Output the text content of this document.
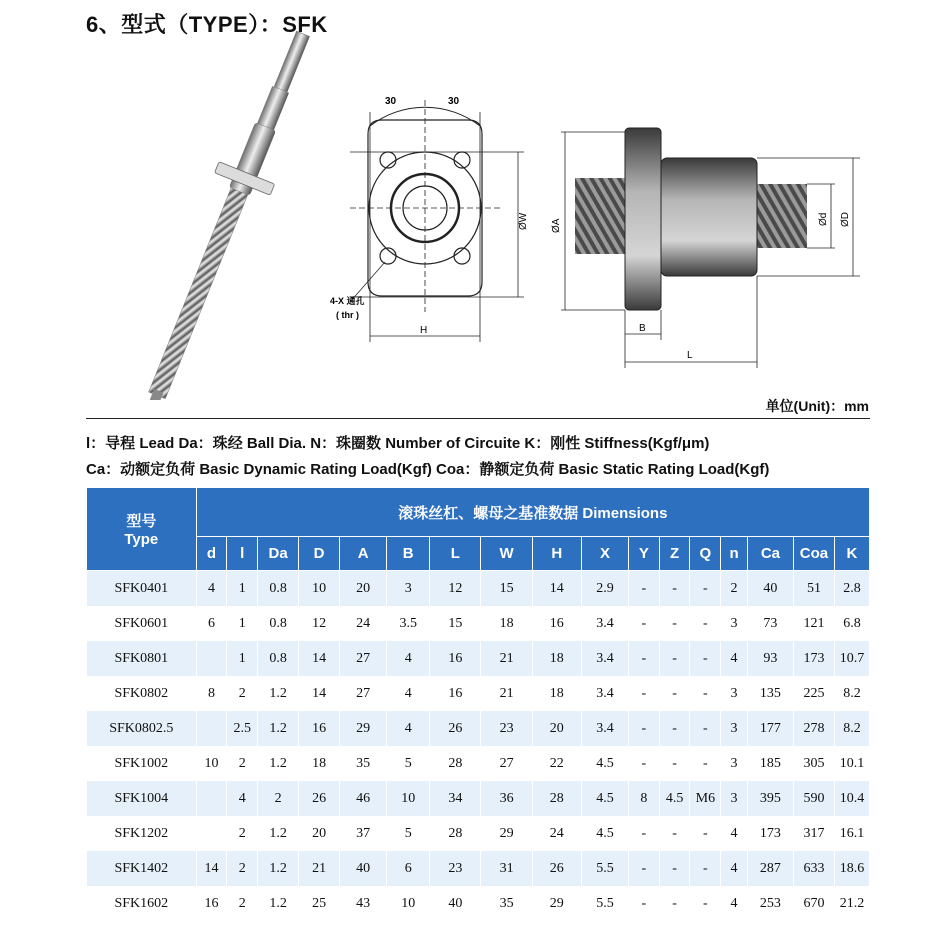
6、型式（TYPE）：SFK
30	30
4-X 通孔
( thr )
H
ØW ØA	Ød ØD
B
L
单位(Unit)：mm
l：导程 Lead Da：珠经 Ball Dia. N：珠圈数 Number of Circuite K：刚性 Stiffness(Kgf/μm)
Ca：动额定负荷 Basic Dynamic Rating Load(Kgf) Coa：静额定负荷 Basic Static Rating Load(Kgf)
型号
Type	滚珠丝杠、螺母之基准数据 Dimensions																
	d	l	Da	D	A	B	L	W	H	X	Y	Z	Q	n	Ca	Coa	K
SFK0401	4	1	0.8	10	20	3	12	15	14	2.9	-	-	-	2	40	51	2.8
SFK0601	6	1	0.8	12	24	3.5	15	18	16	3.4	-	-	-	3	73	121	6.8
SFK0801		1	0.8	14	27	4	16	21	18	3.4	-	-	-	4	93	173	10.7
SFK0802	8	2	1.2	14	27	4	16	21	18	3.4	-	-	-	3	135	225	8.2
SFK0802.5		2.5	1.2	16	29	4	26	23	20	3.4	-	-	-	3	177	278	8.2
SFK1002	10	2	1.2	18	35	5	28	27	22	4.5	-	-	-	3	185	305	10.1
SFK1004		4	2	26	46	10	34	36	28	4.5	8	4.5	M6	3	395	590	10.4
SFK1202		2	1.2	20	37	5	28	29	24	4.5	-	-	-	4	173	317	16.1
SFK1402	14	2	1.2	21	40	6	23	31	26	5.5	-	-	-	4	287	633	18.6
SFK1602	16	2	1.2	25	43	10	40	35	29	5.5	-	-	-	4	253	670	21.2
